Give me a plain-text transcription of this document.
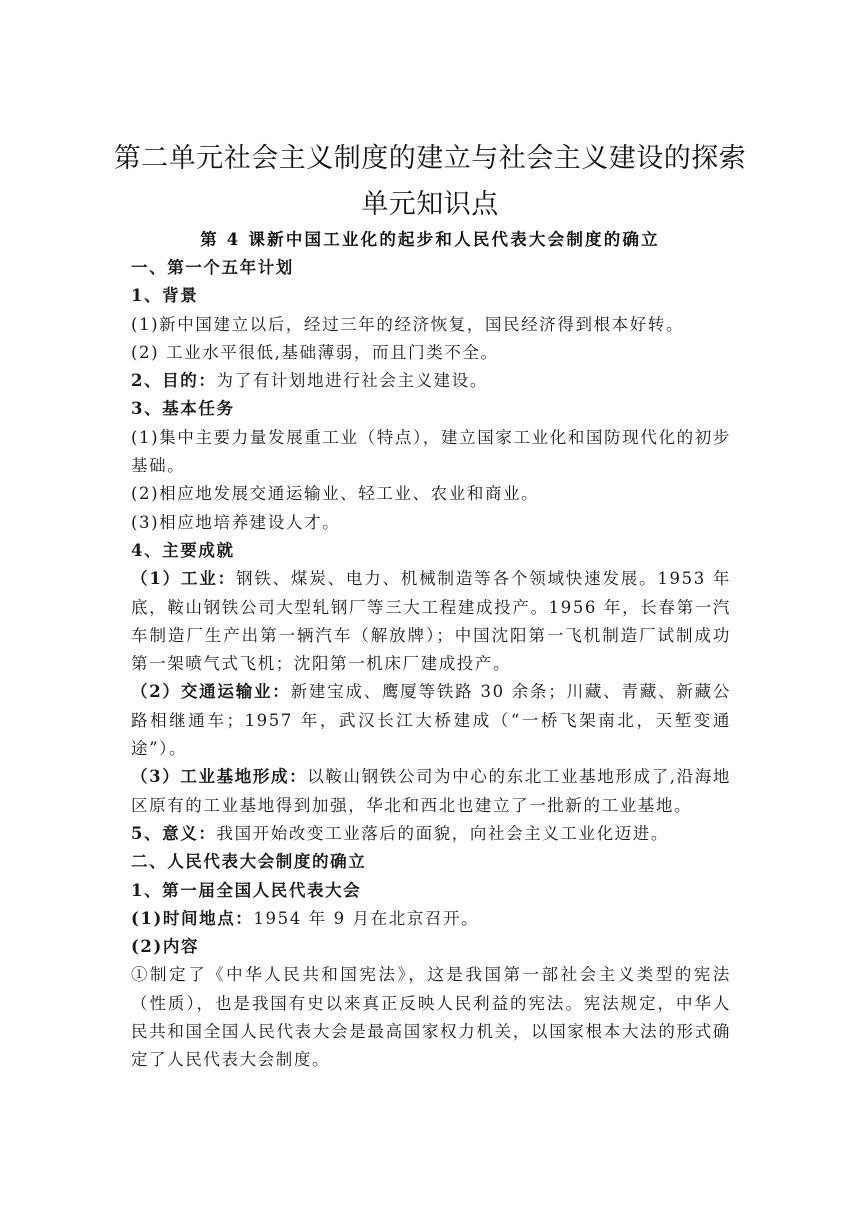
第二单元社会主义制度的建立与社会主义建设的探索
单元知识点
第 4 课新中国工业化的起步和人民代表大会制度的确立

一、第一个五年计划

1、背景

(1)新中国建立以后，经过三年的经济恢复，国民经济得到根本好转。

(2) 工业水平很低,基础薄弱，而且门类不全。

2、目的：为了有计划地进行社会主义建设。

3、基本任务

(1)集中主要力量发展重工业（特点），建立国家工业化和国防现代化的初步基础。

(2)相应地发展交通运输业、轻工业、农业和商业。

(3)相应地培养建设人才。

4、主要成就

（1）工业：钢铁、煤炭、电力、机械制造等各个领域快速发展。1953 年底，鞍山钢铁公司大型轧钢厂等三大工程建成投产。1956 年，长春第一汽车制造厂生产出第一辆汽车（解放牌）；中国沈阳第一飞机制造厂试制成功第一架喷气式飞机；沈阳第一机床厂建成投产。

（2）交通运输业：新建宝成、鹰厦等铁路 30 余条；川藏、青藏、新藏公路相继通车；1957 年，武汉长江大桥建成（“一桥飞架南北，天堑变通途”）。

（3）工业基地形成：以鞍山钢铁公司为中心的东北工业基地形成了,沿海地区原有的工业基地得到加强，华北和西北也建立了一批新的工业基地。

5、意义：我国开始改变工业落后的面貌，向社会主义工业化迈进。

二、人民代表大会制度的确立

1、第一届全国人民代表大会

(1)时间地点：1954 年 9 月在北京召开。

(2)内容

①制定了《中华人民共和国宪法》，这是我国第一部社会主义类型的宪法（性质），也是我国有史以来真正反映人民利益的宪法。宪法规定，中华人民共和国全国人民代表大会是最高国家权力机关，以国家根本大法的形式确定了人民代表大会制度。
